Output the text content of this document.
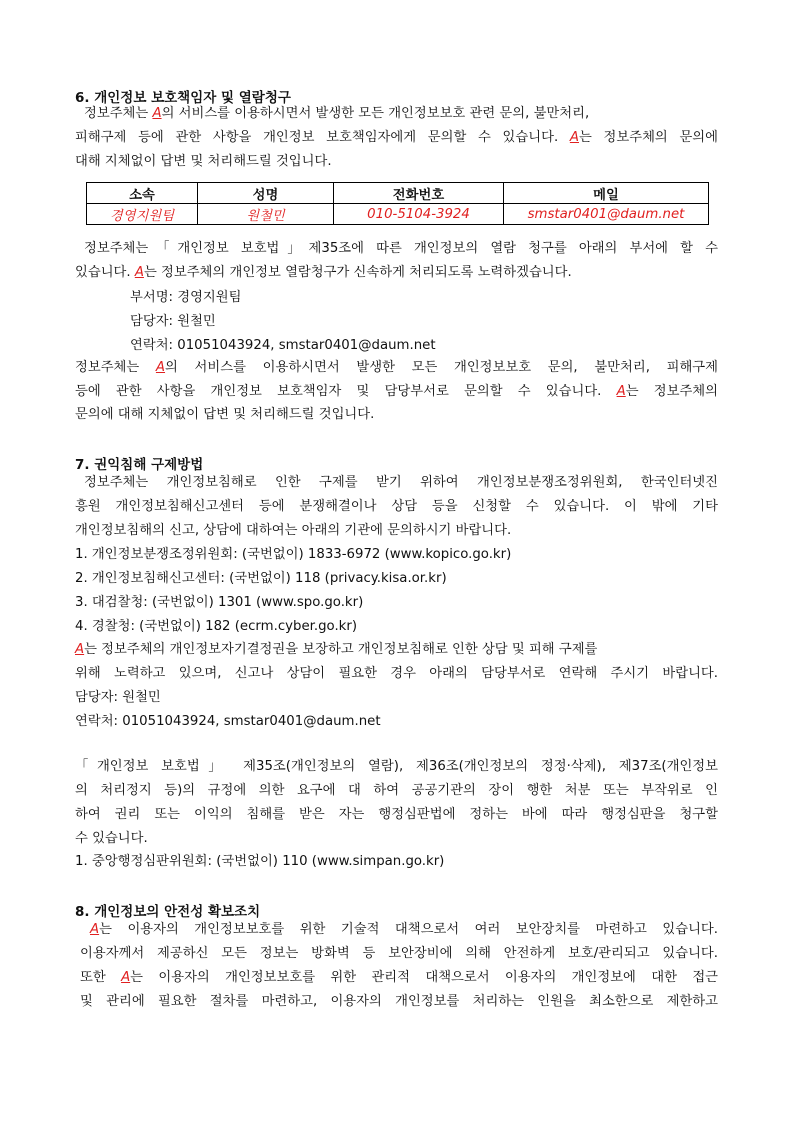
6. 개인정보 보호책임자 및 열람청구
정보주체는 A의 서비스를 이용하시면서 발생한 모든 개인정보보호 관련 문의, 불만처리,
피해구제 등에 관한 사항을 개인정보 보호책임자에게 문의할 수 있습니다. A는 정보주체의 문의에
대해 지체없이 답변 및 처리해드릴 것입니다.
소속	성명	전화번호	메일
경영지원팀	원철민	010-5104-3924	smstar0401@daum.net
정보주체는「개인정보 보호법」제35조에 따른 개인정보의 열람 청구를 아래의 부서에 할 수
있습니다. A는 정보주체의 개인정보 열람청구가 신속하게 처리되도록 노력하겠습니다.
부서명: 경영지원팀
담당자: 원철민
연락처: 01051043924, smstar0401@daum.net
정보주체는 A의 서비스를 이용하시면서 발생한 모든 개인정보보호 문의, 불만처리, 피해구제
등에 관한 사항을 개인정보 보호책임자 및 담당부서로 문의할 수 있습니다. A는 정보주체의
문의에 대해 지체없이 답변 및 처리해드릴 것입니다.
7. 권익침해 구제방법
정보주체는 개인정보침해로 인한 구제를 받기 위하여 개인정보분쟁조정위원회, 한국인터넷진
흥원 개인정보침해신고센터 등에 분쟁해결이나 상담 등을 신청할 수 있습니다. 이 밖에 기타
개인정보침해의 신고, 상담에 대하여는 아래의 기관에 문의하시기 바랍니다.
1. 개인정보분쟁조정위원회: (국번없이) 1833-6972 (www.kopico.go.kr)
2. 개인정보침해신고센터: (국번없이) 118 (privacy.kisa.or.kr)
3. 대검찰청: (국번없이) 1301 (www.spo.go.kr)
4. 경찰청: (국번없이) 182 (ecrm.cyber.go.kr)
A는 정보주체의 개인정보자기결정권을 보장하고 개인정보침해로 인한 상담 및 피해 구제를
위해 노력하고 있으며, 신고나 상담이 필요한 경우 아래의 담당부서로 연락해 주시기 바랍니다.
담당자: 원철민
연락처: 01051043924, smstar0401@daum.net
「개인정보 보호법」 제35조(개인정보의 열람), 제36조(개인정보의 정정·삭제), 제37조(개인정보
의 처리정지 등)의 규정에 의한 요구에 대 하여 공공기관의 장이 행한 처분 또는 부작위로 인
하여 권리 또는 이익의 침해를 받은 자는 행정심판법에 정하는 바에 따라 행정심판을 청구할
수 있습니다.
1. 중앙행정심판위원회: (국번없이) 110 (www.simpan.go.kr)
8. 개인정보의 안전성 확보조치
A는 이용자의 개인정보보호를 위한 기술적 대책으로서 여러 보안장치를 마련하고 있습니다.
이용자께서 제공하신 모든 정보는 방화벽 등 보안장비에 의해 안전하게 보호/관리되고 있습니다.
또한 A는 이용자의 개인정보보호를 위한 관리적 대책으로서 이용자의 개인정보에 대한 접근
및 관리에 필요한 절차를 마련하고, 이용자의 개인정보를 처리하는 인원을 최소한으로 제한하고
